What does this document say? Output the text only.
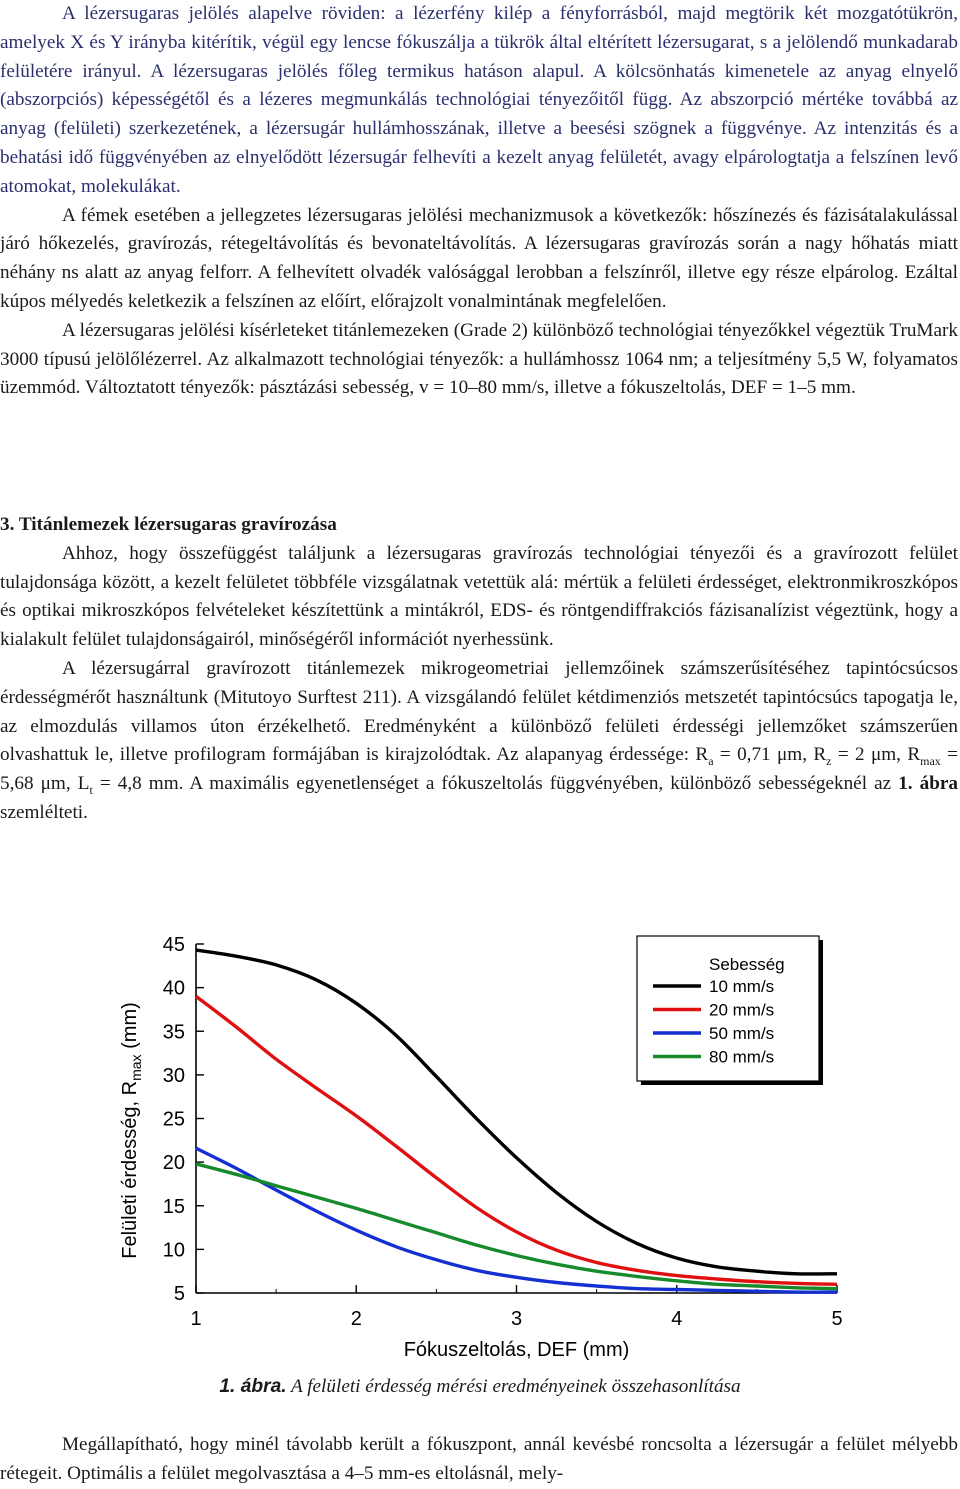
A lézersugaras jelölés alapelve röviden: a lézerfény kilép a fényforrásból, majd megtörik két mozgatótükrön, amelyek X és Y irányba kitérítik, végül egy lencse fókuszálja a tükrök által eltérített lézersugarat, s a jelölendő munkadarab felületére irányul. A lézersugaras jelölés főleg termikus hatáson alapul. A kölcsönhatás kimenetele az anyag elnyelő (abszorpciós) képességétől és a lézeres megmunkálás technológiai tényezőitől függ. Az abszorpció mértéke továbbá az anyag (felületi) szerkezetének, a lézersugár hullámhosszának, illetve a beesési szögnek a függvénye. Az intenzitás és a behatási idő függvényében az elnyelődött lézersugár felhevíti a kezelt anyag felületét, avagy elpárologtatja a felszínen levő atomokat, molekulákat.

A fémek esetében a jellegzetes lézersugaras jelölési mechanizmusok a következők: hőszínezés és fázisátalakulással járó hőkezelés, gravírozás, rétegeltávolítás és bevonateltávolítás. A lézersugaras gravírozás során a nagy hőhatás miatt néhány ns alatt az anyag felforr. A felhevített olvadék valósággal lerobban a felszínről, illetve egy része elpárolog. Ezáltal kúpos mélyedés keletkezik a felszínen az előírt, előrajzolt vonalmintának megfelelően.

A lézersugaras jelölési kísérleteket titánlemezeken (Grade 2) különböző technológiai tényezőkkel végeztük TruMark 3000 típusú jelölőlézerrel. Az alkalmazott technológiai tényezők: a hullámhossz 1064 nm; a teljesítmény 5,5 W, folyamatos üzemmód. Változtatott tényezők: pásztázási sebesség, v = 10–80 mm/s, illetve a fókuszeltolás, DEF = 1–5 mm.

3. Titánlemezek lézersugaras gravírozása

Ahhoz, hogy összefüggést találjunk a lézersugaras gravírozás technológiai tényezői és a gravírozott felület tulajdonsága között, a kezelt felületet többféle vizsgálatnak vetettük alá: mértük a felületi érdességet, elektronmikroszkópos és optikai mikroszkópos felvételeket készítettünk a mintákról, EDS- és röntgendiffrakciós fázisanalízist végeztünk, hogy a kialakult felület tulajdonságairól, minőségéről információt nyerhessünk.

A lézersugárral gravírozott titánlemezek mikrogeometriai jellemzőinek számszerűsítéséhez tapintócsúcsos érdességmérőt használtunk (Mitutoyo Surftest 211). A vizsgálandó felület kétdimenziós metszetét tapintócsúcs tapogatja le, az elmozdulás villamos úton érzékelhető. Eredményként a különböző felületi érdességi jellemzőket számszerűen olvashattuk le, illetve profilogram formájában is kirajzolódtak. Az alapanyag érdessége: $R_a = 0,71$ μm, $R_z = 2$ μm, $R_{max} = 5,68$ μm, $L_t = 4,8$ mm. A maximális egyenetlenséget a fókuszeltolás függvényében, különböző sebességeknél az 1. ábra szemlélteti.

1	2	3	4	5
5
10
15
20
25
30
35
40
45
Fókuszeltolás, DEF (mm)
Felületi érdesség, $R_{max}$ (mm)
Sebesség
10 mm/s
20 mm/s
50 mm/s
80 mm/s
1. ábra. A felületi érdesség mérési eredményeinek összehasonlítása

Megállapítható, hogy minél távolabb került a fókuszpont, annál kevésbé roncsolta a lézersugár a felület mélyebb rétegeit. Optimális a felület megolvasztása a 4–5 mm-es eltolásnál, mely-
